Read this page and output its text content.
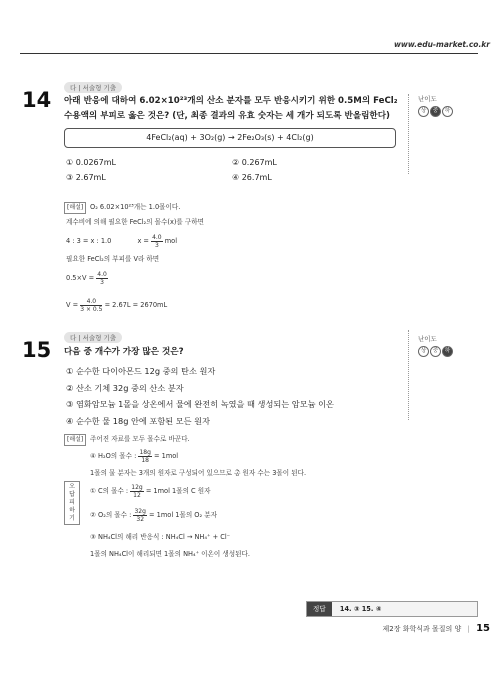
www.edu-market.co.kr
다 | 서술형 기출
14 아래 반응에 대하여 6.02×10²³개의 산소 분자를 모두 반응시키기 위한 0.5M의 FeCl₂
수용액의 부피로 옳은 것은? (단, 최종 결과의 유효 숫자는 세 개가 되도록 반올림한다)
4FeCl₂(aq) + 3O₂(g) → 2Fe₂O₃(s) + 4Cl₂(g)
난이도
상 중 하
① 0.0267mL	② 0.267mL
③ 2.67mL	④ 26.7mL
[해설]	O₂ 6.02×10²³개는 1.0몰이다.
계수비에 의해 필요한 FeCl₂의 몰수(x)를 구하면
4 : 3 = x : 1.0	$x = \frac{4.0}{3}$ mol
필요한 FeCl₂의 부피를 V라 하면
$0.5\times V = \frac{4.0}{3}$
$V = \frac{4.0}{3 \times 0.5} = 2.67L = 2670mL$
다 | 서술형 기출
15 다음 중 개수가 가장 많은 것은?
난이도
상 중 하
① 순수한 다이아몬드 12g 중의 탄소 원자
② 산소 기체 32g 중의 산소 분자
③ 염화암모늄 1몰을 상온에서 물에 완전히 녹였을 때 생성되는 암모늄 이온
④ 순수한 물 18g 안에 포함된 모든 원자
[해설]	주어진 자료를 모두 몰수로 바꾼다.
④ H₂O의 몰수 : $\frac{18g}{18} = 1mol$
1몰의 물 분자는 3개의 원자로 구성되어 있으므로 총 원자 수는 3몰이 된다.
오답 피하기
① C의 몰수 : $\frac{12g}{12} = 1mol$ 1몰의 C 원자
② O₂의 몰수 : $\frac{32g}{32} = 1mol$ 1몰의 O₂ 분자
③ NH₄Cl의 해리 반응식 : NH₄Cl → NH₄⁺ + Cl⁻
1몰의 NH₄Cl이 해리되면 1몰의 NH₄⁺ 이온이 생성된다.
정답 14. ③ 15. ④
제2장 화학식과 몰질의 양 | 15
